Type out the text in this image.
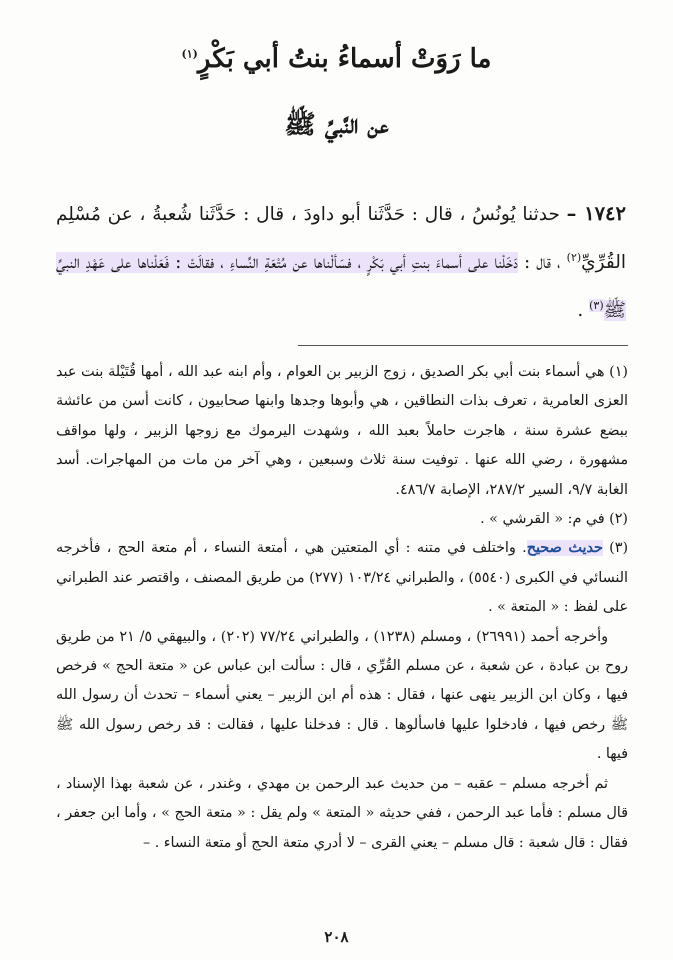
ما رَوَتْ أسماءُ بنتُ أبي بَكْرٍ$^{(١)}$
عن النَّبيِّ ﷺ
١٧٤٢ – حدثنا يُونُسُ ، قال : حَدَّثَنا أبو داودَ ، قال : حَدَّثَنا شُعبةُ ، عن مُسْلِم القُرِّيِّ$^{(٢)}$ ، قال : دَخَلْنا على أسماءَ بنتِ أبي بَكْرٍ ، فسَألْناها عن مُتْعَةِ النِّساءِ ، فقالَتْ : فَعَلْناها على عَهْدِ النبيِّ ﷺ$^{(٣)}$ .

(١) هي أسماء بنت أبي بكر الصديق ، زوج الزبير بن العوام ، وأم ابنه عبد الله ، أمها قُتَيْلة بنت عبد العزى العامرية ، تعرف بذات النطاقين ، هي وأبوها وجدها وابنها صحابيون ، كانت أسن من عائشة ببضع عشرة سنة ، هاجرت حاملاً بعبد الله ، وشهدت اليرموك مع زوجها الزبير ، ولها مواقف مشهورة ، رضي الله عنها . توفيت سنة ثلاث وسبعين ، وهي آخر من مات من المهاجرات. أسد الغابة ٩/٧، السير ٢٨٧/٢، الإصابة ٤٨٦/٧.

(٢) في م: « القرشي » .

(٣) حديث صحيح. واختلف في متنه : أي المتعتين هي ، أمتعة النساء ، أم متعة الحج ، فأخرجه النسائي في الكبرى (٥٥٤٠) ، والطبراني ١٠٣/٢٤ (٢٧٧) من طريق المصنف ، واقتصر عند الطبراني على لفظ : « المتعة » .

وأخرجه أحمد (٢٦٩٩١) ، ومسلم (١٢٣٨) ، والطبراني ٧٧/٢٤ (٢٠٢) ، والبيهقي ٥/ ٢١ من طريق روح بن عبادة ، عن شعبة ، عن مسلم القُرِّي ، قال : سألت ابن عباس عن « متعة الحج » فرخص فيها ، وكان ابن الزبير ينهى عنها ، فقال : هذه أم ابن الزبير – يعني أسماء – تحدث أن رسول الله ﷺ رخص فيها ، فادخلوا عليها فاسألوها . قال : فدخلنا عليها ، فقالت : قد رخص رسول الله ﷺ فيها .

ثم أخرجه مسلم – عقبه – من حديث عبد الرحمن بن مهدي ، وغندر ، عن شعبة بهذا الإسناد ، قال مسلم : فأما عبد الرحمن ، ففي حديثه « المتعة » ولم يقل : « متعة الحج » ، وأما ابن جعفر ، فقال : قال شعبة : قال مسلم – يعني القرى – لا أدري متعة الحج أو متعة النساء . –

٢٠٨
